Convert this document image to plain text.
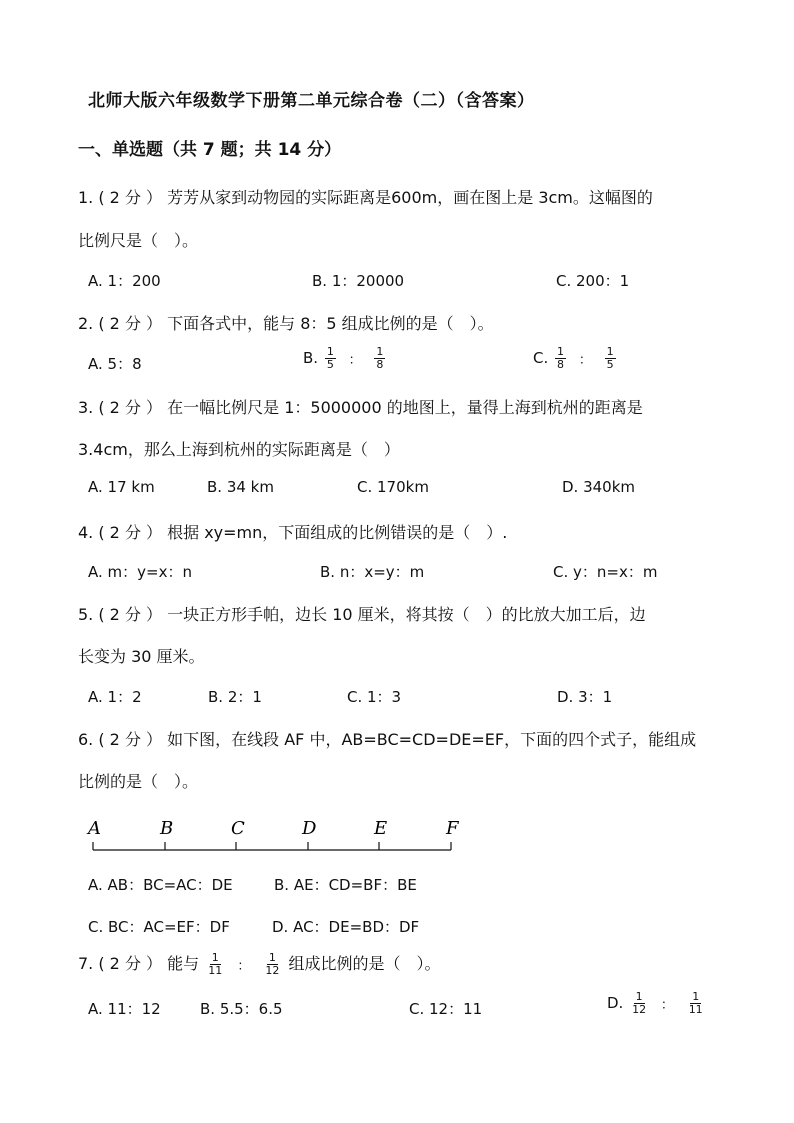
北师大版六年级数学下册第二单元综合卷（二）（含答案）
一、单选题（共 7 题；共 14 分）
1. ( 2 分 ） 芳芳从家到动物园的实际距离是600m，画在图上是 3cm。这幅图的
比例尺是（　）。
A. 1：200	B. 1：20000	C. 200：1
2. ( 2 分 ） 下面各式中，能与 8：5 组成比例的是（　）。
A. 5：8	B. $\frac{1}{5}$ ： $\frac{1}{8}$	C. $\frac{1}{8}$ ： $\frac{1}{5}$
3. ( 2 分 ） 在一幅比例尺是 1：5000000 的地图上，量得上海到杭州的距离是
3.4cm，那么上海到杭州的实际距离是（　）
A. 17 km	B. 34 km	C. 170km	D. 340km
4. ( 2 分 ） 根据 xy=mn，下面组成的比例错误的是（　）.
A. m：y=x：n	B. n：x=y：m	C. y：n=x：m
5. ( 2 分 ） 一块正方形手帕，边长 10 厘米，将其按（　）的比放大加工后，边
长变为 30 厘米。
A. 1：2	B. 2：1	C. 1：3	D. 3：1
6. ( 2 分 ） 如下图，在线段 AF 中，AB=BC=CD=DE=EF，下面的四个式子，能组成
比例的是（　）。
A	B	C	D	E	F
A. AB：BC=AC：DE	B. AE：CD=BF：BE
C. BC：AC=EF：DF	D. AC：DE=BD：DF
7. ( 2 分 ） 能与 $\frac{1}{11}$ ： $\frac{1}{12}$ 组成比例的是（　）。
A. 11：12	B. 5.5：6.5	C. 12：11	D. $\frac{1}{12}$ ： $\frac{1}{11}$
